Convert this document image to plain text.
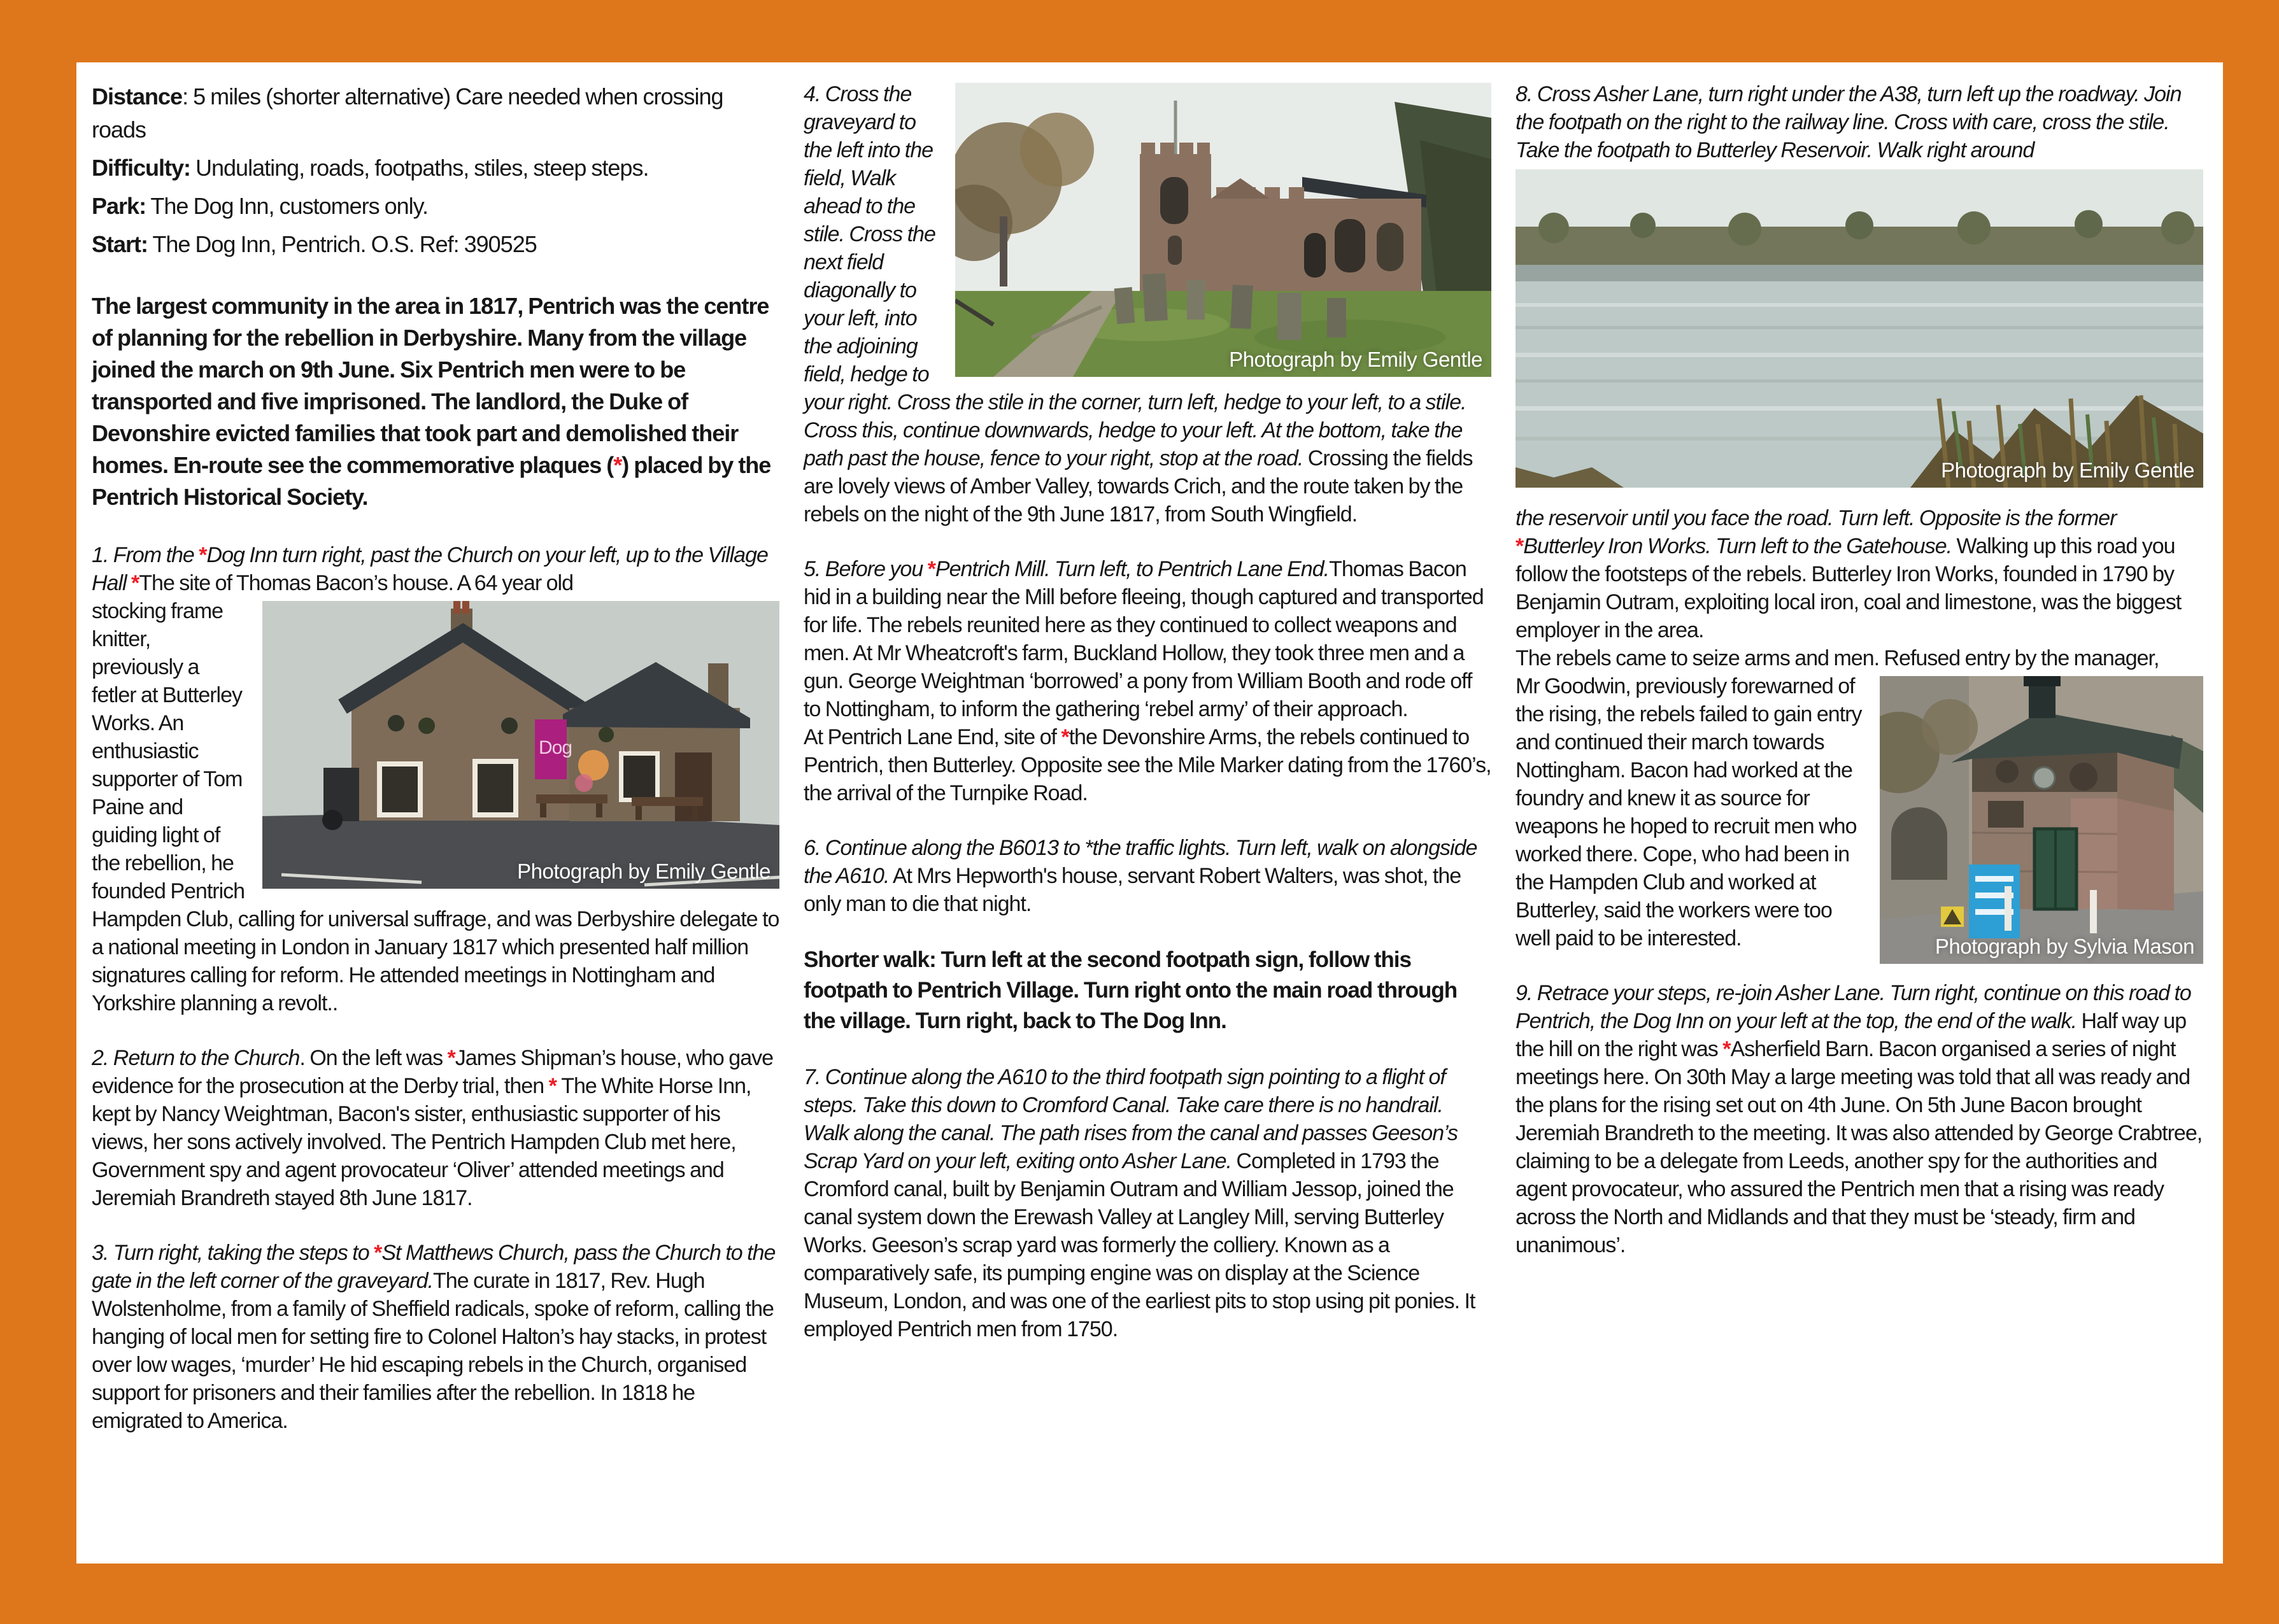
Distance: 5 miles (shorter alternative) Care needed when crossing roads

Difficulty: Undulating, roads, footpaths, stiles, steep steps.

Park: The Dog Inn, customers only.

Start: The Dog Inn, Pentrich. O.S. Ref: 390525

The largest community in the area in 1817, Pentrich was the centre of planning for the rebellion in Derbyshire. Many from the village joined the march on 9th June. Six Pentrich men were to be transported and five imprisoned. The landlord, the Duke of Devonshire evicted families that took part and demolished their homes. En-route see the commemorative plaques (*) placed by the Pentrich Historical Society.

1. From the *Dog Inn turn right, past the Church on your left, up to the Village Hall *The site of Thomas Bacon’s house. A 64 year old

Dog
Photograph by Emily Gentle
stocking frame knitter, previously a fetler at Butterley Works. An enthusiastic supporter of Tom Paine and guiding light of the rebellion, he founded Pentrich Hampden Club, calling for universal suffrage, and was Derbyshire delegate to a national meeting in London in January 1817 which presented half million signatures calling for reform. He attended meetings in Nottingham and Yorkshire planning a revolt..

2. Return to the Church. On the left was *James Shipman’s house, who gave evidence for the prosecution at the Derby trial, then * The White Horse Inn, kept by Nancy Weightman, Bacon's sister, enthusiastic supporter of his views, her sons actively involved. The Pentrich Hampden Club met here, Government spy and agent provocateur ‘Oliver’ attended meetings and Jeremiah Brandreth stayed 8th June 1817.

3. Turn right, taking the steps to *St Matthews Church, pass the Church to the gate in the left corner of the graveyard.The curate in 1817, Rev. Hugh Wolstenholme, from a family of Sheffield radicals, spoke of reform, calling the hanging of local men for setting fire to Colonel Halton’s hay stacks, in protest over low wages, ‘murder’ He hid escaping rebels in the Church, organised support for prisoners and their families after the rebellion. In 1818 he emigrated to America.

Photograph by Emily Gentle
4. Cross the graveyard to the left into the field, Walk ahead to the stile. Cross the next field diagonally to your left, into the adjoining field, hedge to your right. Cross the stile in the corner, turn left, hedge to your left, to a stile. Cross this, continue downwards, hedge to your left. At the bottom, take the path past the house, fence to your right, stop at the road. Crossing the fields are lovely views of Amber Valley, towards Crich, and the route taken by the rebels on the night of the 9th June 1817, from South Wingfield.

5. Before you *Pentrich Mill. Turn left, to Pentrich Lane End.Thomas Bacon hid in a building near the Mill before fleeing, though captured and transported for life. The rebels reunited here as they continued to collect weapons and men. At Mr Wheatcroft's farm, Buckland Hollow, they took three men and a gun. George Weightman ‘borrowed’ a pony from William Booth and rode off to Nottingham, to inform the gathering ‘rebel army’ of their approach.
At Pentrich Lane End, site of *the Devonshire Arms, the rebels continued to Pentrich, then Butterley. Opposite see the Mile Marker dating from the 1760’s, the arrival of the Turnpike Road.

6. Continue along the B6013 to *the traffic lights. Turn left, walk on alongside the A610. At Mrs Hepworth's house, servant Robert Walters, was shot, the only man to die that night.

Shorter walk: Turn left at the second footpath sign, follow this footpath to Pentrich Village. Turn right onto the main road through the village. Turn right, back to The Dog Inn.

7. Continue along the A610 to the third footpath sign pointing to a flight of steps. Take this down to Cromford Canal. Take care there is no handrail. Walk along the canal. The path rises from the canal and passes Geeson’s Scrap Yard on your left, exiting onto Asher Lane. Completed in 1793 the Cromford canal, built by Benjamin Outram and William Jessop, joined the canal system down the Erewash Valley at Langley Mill, serving Butterley Works. Geeson’s scrap yard was formerly the colliery. Known as a comparatively safe, its pumping engine was on display at the Science Museum, London, and was one of the earliest pits to stop using pit ponies. It employed Pentrich men from 1750.

8. Cross Asher Lane, turn right under the A38, turn left up the roadway. Join the footpath on the right to the railway line. Cross with care, cross the stile. Take the footpath to Butterley Reservoir. Walk right around

Photograph by Emily Gentle

the reservoir until you face the road. Turn left. Opposite is the former *Butterley Iron Works. Turn left to the Gatehouse. Walking up this road you follow the footsteps of the rebels. Butterley Iron Works, founded in 1790 by Benjamin Outram, exploiting local iron, coal and limestone, was the biggest employer in the area.
The rebels came to seize arms and men. Refused entry by the manager,

Photograph by Sylvia Mason
Mr Goodwin, previously forewarned of the rising, the rebels failed to gain entry and continued their march towards Nottingham. Bacon had worked at the foundry and knew it as source for weapons he hoped to recruit men who worked there. Cope, who had been in the Hampden Club and worked at Butterley, said the workers were too well paid to be interested.

9. Retrace your steps, re-join Asher Lane. Turn right, continue on this road to Pentrich, the Dog Inn on your left at the top, the end of the walk. Half way up the hill on the right was *Asherfield Barn. Bacon organised a series of night meetings here. On 30th May a large meeting was told that all was ready and the plans for the rising set out on 4th June. On 5th June Bacon brought Jeremiah Brandreth to the meeting. It was also attended by George Crabtree, claiming to be a delegate from Leeds, another spy for the authorities and agent provocateur, who assured the Pentrich men that a rising was ready across the North and Midlands and that they must be ‘steady, firm and unanimous’.
